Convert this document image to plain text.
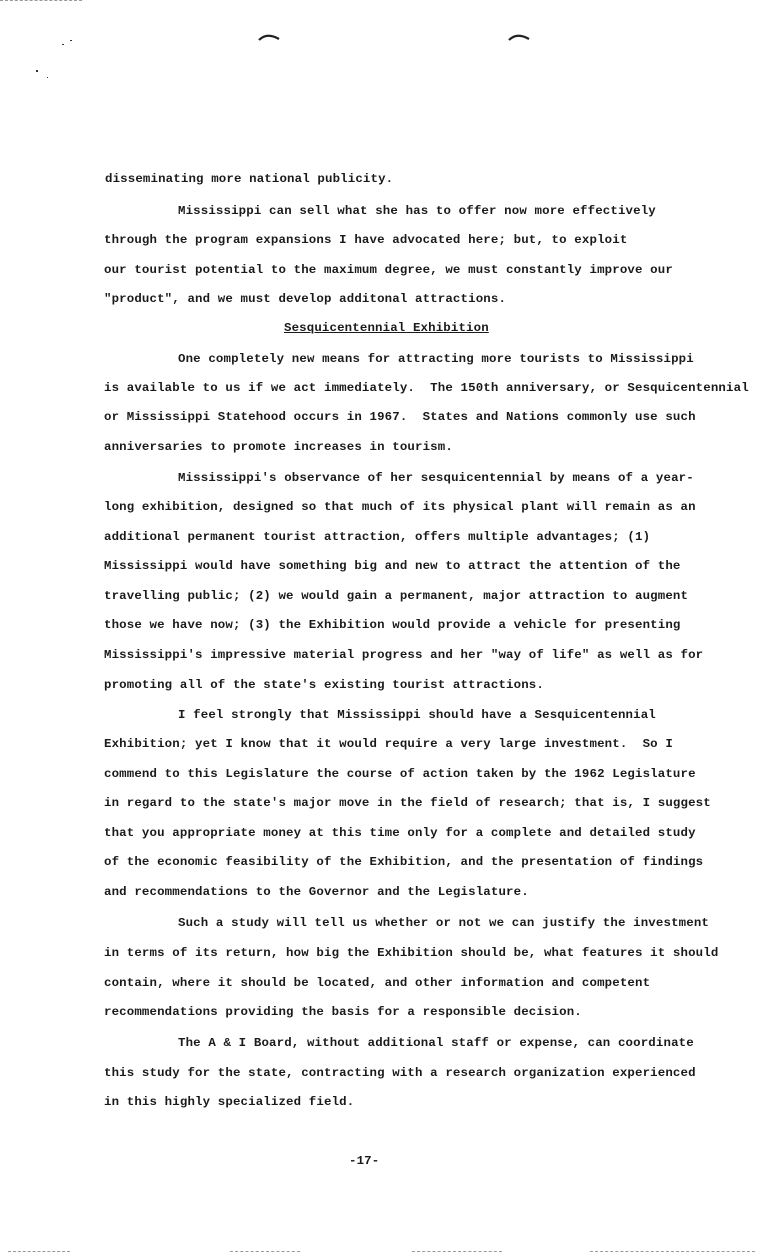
disseminating more national publicity.
Mississippi can sell what she has to offer now more effectively
through the program expansions I have advocated here; but, to exploit
our tourist potential to the maximum degree, we must constantly improve our
"product", and we must develop additonal attractions.
Sesquicentennial Exhibition
One completely new means for attracting more tourists to Mississippi
is available to us if we act immediately.  The 150th anniversary, or Sesquicentennial
or Mississippi Statehood occurs in 1967.  States and Nations commonly use such
anniversaries to promote increases in tourism.
Mississippi's observance of her sesquicentennial by means of a year-
long exhibition, designed so that much of its physical plant will remain as an
additional permanent tourist attraction, offers multiple advantages; (1)
Mississippi would have something big and new to attract the attention of the
travelling public; (2) we would gain a permanent, major attraction to augment
those we have now; (3) the Exhibition would provide a vehicle for presenting
Mississippi's impressive material progress and her "way of life" as well as for
promoting all of the state's existing tourist attractions.
I feel strongly that Mississippi should have a Sesquicentennial
Exhibition; yet I know that it would require a very large investment.  So I
commend to this Legislature the course of action taken by the 1962 Legislature
in regard to the state's major move in the field of research; that is, I suggest
that you appropriate money at this time only for a complete and detailed study
of the economic feasibility of the Exhibition, and the presentation of findings
and recommendations to the Governor and the Legislature.
Such a study will tell us whether or not we can justify the investment
in terms of its return, how big the Exhibition should be, what features it should
contain, where it should be located, and other information and competent
recommendations providing the basis for a responsible decision.
The A & I Board, without additional staff or expense, can coordinate
this study for the state, contracting with a research organization experienced
in this highly specialized field.
-17-
